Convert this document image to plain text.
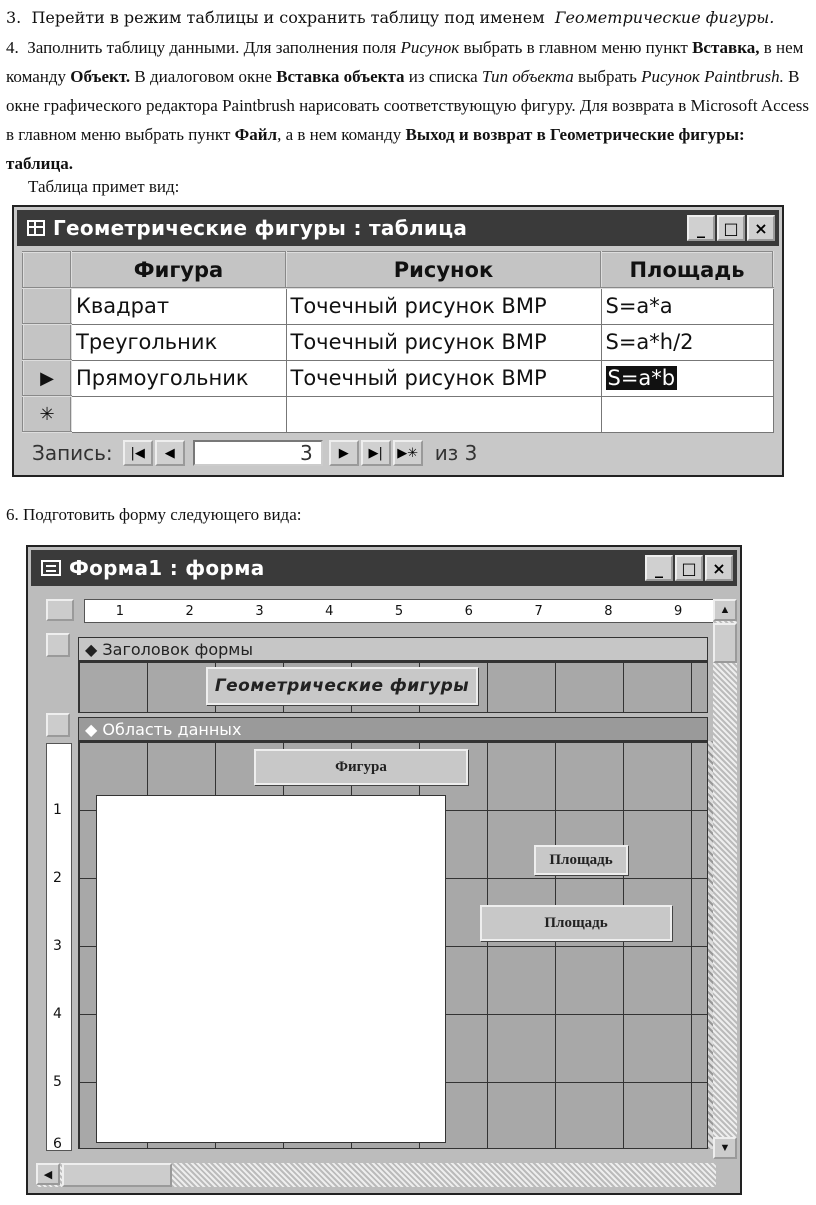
3. Перейти в режим таблицы и сохранить таблицу под именем Геометрические фигуры.
4. Заполнить таблицу данными. Для заполнения поля Рисунок выбрать в главном меню пункт Вставка, в нем команду Объект. В диалоговом окне Вставка объекта из списка Тип объекта выбрать Рисунок Paintbrush. В окне графического редактора Paintbrush нарисовать соответствующую фигуру. Для возврата в Microsoft Access в главном меню выбрать пункт Файл, а в нем команду Выход и возврат в Геометрические фигуры: таблица.
Таблица примет вид:
Геометрические фигуры : таблица	_	□ ×
	Фигура	Рисунок	Площадь
	Квадрат	Точечный рисунок BMP	S=a*a
	Треугольник	Точечный рисунок BMP	S=a*h/2
▶	Прямоугольник	Точечный рисунок BMP	S=a*b
✳			
Запись:	|◀	◀	3	▶	▶|	▶✳ из 3
6. Подготовить форму следующего вида:
Форма1 : форма	_	□ ×
1	2	3	4	5	6	7	8	9
◆ Заголовок формы
Геометрические фигуры
◆ Область данных
1
2
3
4
5
6
Фигура
Площадь
Площадь
▲
▼
◀
